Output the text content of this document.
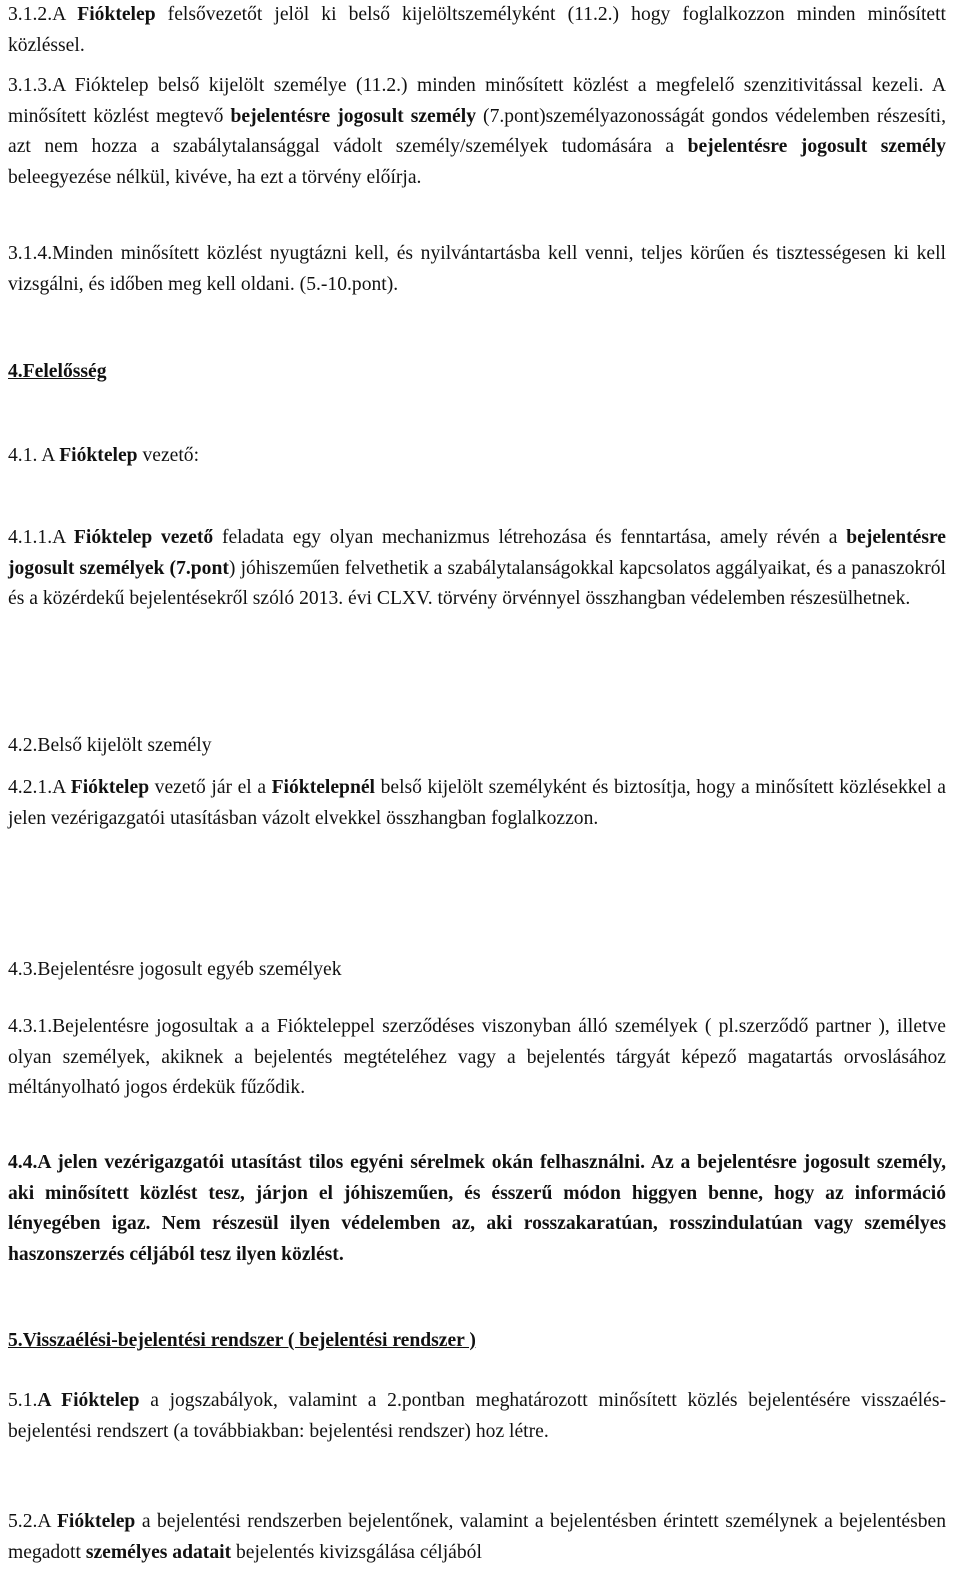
3.1.2.A Fióktelep felsővezetőt jelöl ki belső kijelöltszemélyként (11.2.) hogy foglalkozzon minden minősített közléssel.

3.1.3.A Fióktelep belső kijelölt személye (11.2.) minden minősített közlést a megfelelő szenzitivitással kezeli. A minősített közlést megtevő bejelentésre jogosult személy (7.pont)személyazonosságát gondos védelemben részesíti, azt nem hozza a szabálytalansággal vádolt személy/személyek tudomására a bejelentésre jogosult személy beleegyezése nélkül, kivéve, ha ezt a törvény előírja.

3.1.4.Minden minősített közlést nyugtázni kell, és nyilvántartásba kell venni, teljes körűen és tisztességesen ki kell vizsgálni, és időben meg kell oldani. (5.-10.pont).

4.Felelősség

4.1. A Fióktelep vezető:

4.1.1.A Fióktelep vezető feladata egy olyan mechanizmus létrehozása és fenntartása, amely révén a bejelentésre jogosult személyek (7.pont) jóhiszeműen felvethetik a szabálytalanságokkal kapcsolatos aggályaikat, és a panaszokról és a közérdekű bejelentésekről szóló 2013. évi CLXV. törvény örvénnyel összhangban védelemben részesülhetnek.

4.2.Belső kijelölt személy

4.2.1.A Fióktelep vezető jár el a Fióktelepnél belső kijelölt személyként és biztosítja, hogy a minősített közlésekkel a jelen vezérigazgatói utasításban vázolt elvekkel összhangban foglalkozzon.

4.3.Bejelentésre jogosult egyéb személyek

4.3.1.Bejelentésre jogosultak a a Fiókteleppel szerződéses viszonyban álló személyek ( pl.szerződő partner ), illetve olyan személyek, akiknek a bejelentés megtételéhez vagy a bejelentés tárgyát képező magatartás orvoslásához méltányolható jogos érdekük fűződik.

4.4.A jelen vezérigazgatói utasítást tilos egyéni sérelmek okán felhasználni. Az a bejelentésre jogosult személy, aki minősített közlést tesz, járjon el jóhiszeműen, és ésszerű módon higgyen benne, hogy az információ lényegében igaz. Nem részesül ilyen védelemben az, aki rosszakaratúan, rosszindulatúan vagy személyes haszonszerzés céljából tesz ilyen közlést.

5.Visszaélési-bejelentési rendszer ( bejelentési rendszer )

5.1.A Fióktelep a jogszabályok, valamint a 2.pontban meghatározott minősített közlés bejelentésére visszaélés-bejelentési rendszert (a továbbiakban: bejelentési rendszer) hoz létre.

5.2.A Fióktelep a bejelentési rendszerben bejelentőnek, valamint a bejelentésben érintett személynek a bejelentésben megadott személyes adatait bejelentés kivizsgálása céljából
